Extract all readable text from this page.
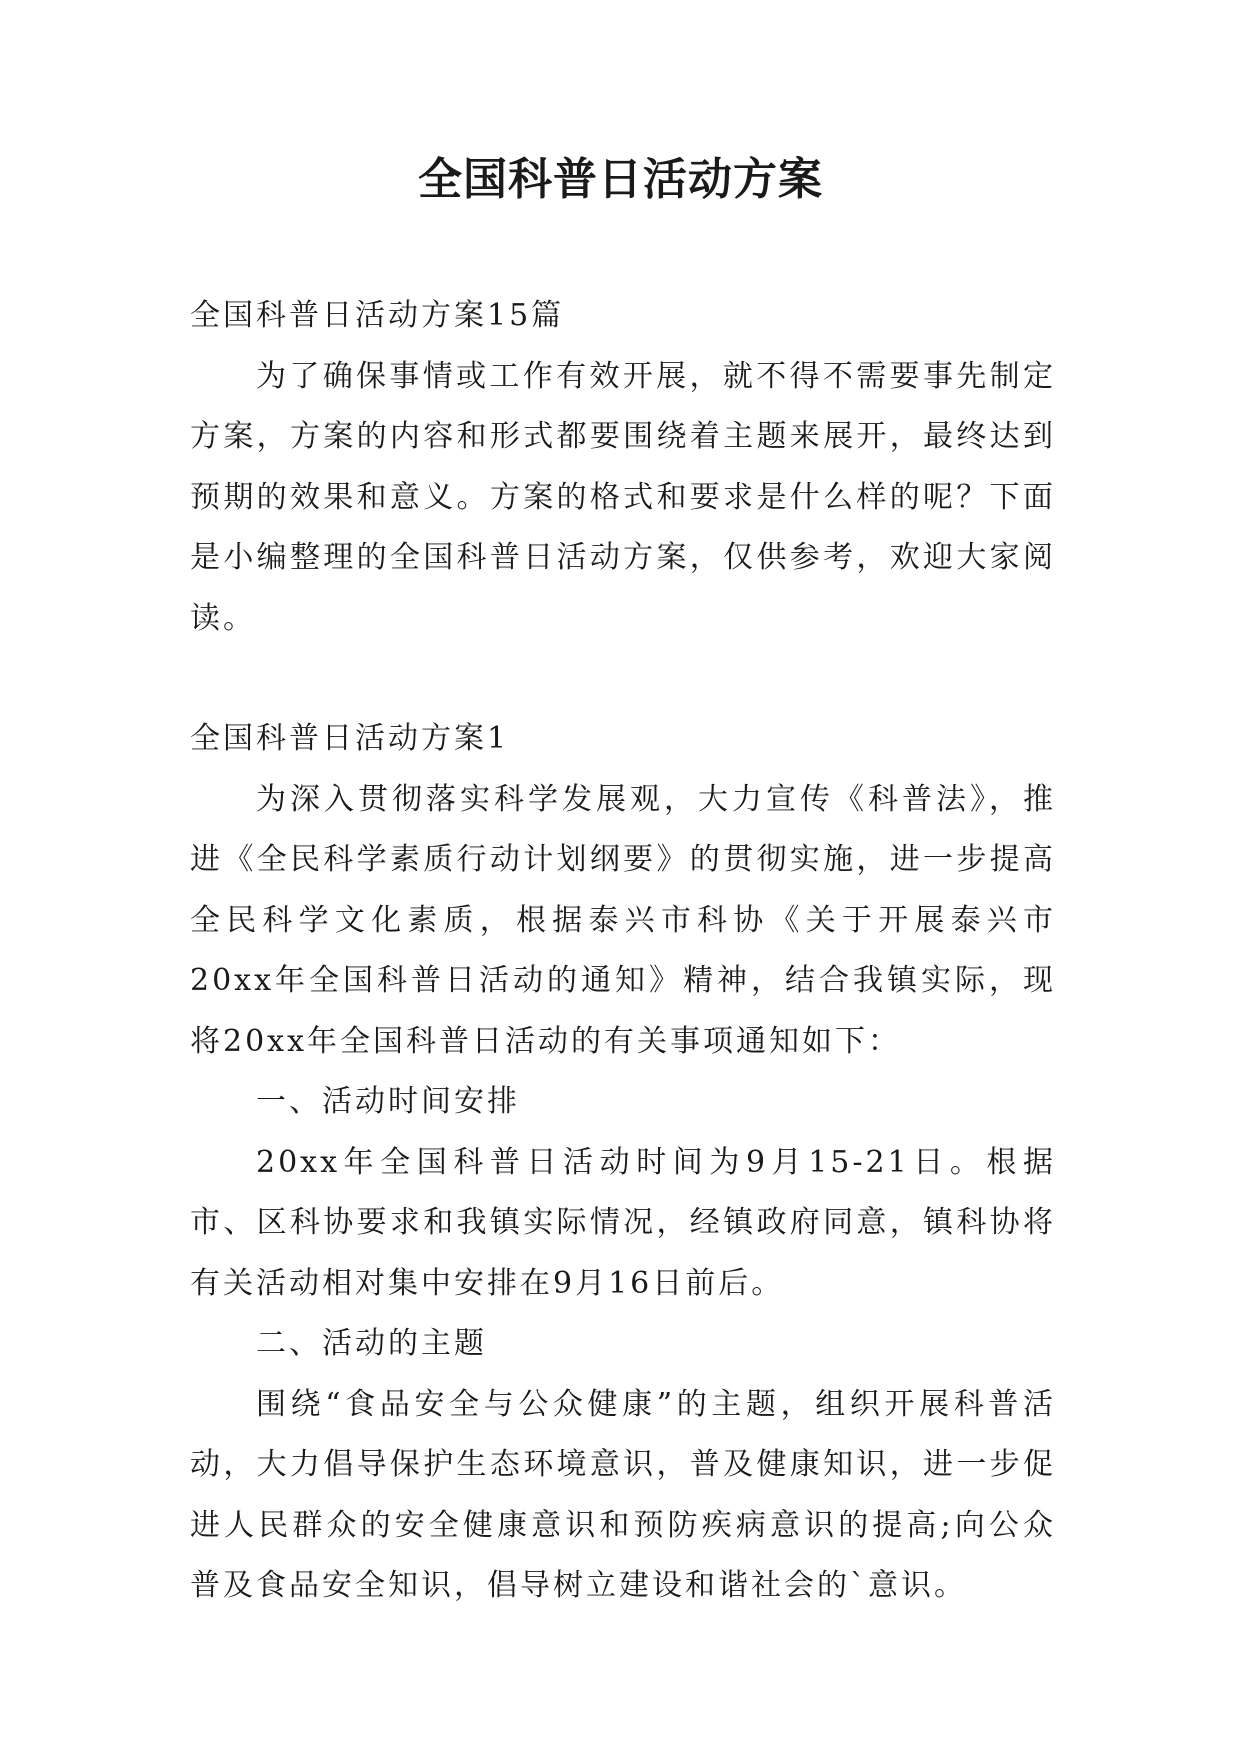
全国科普日活动方案

全国科普日活动方案15篇

为了确保事情或工作有效开展，就不得不需要事先制定方案，方案的内容和形式都要围绕着主题来展开，最终达到预期的效果和意义。方案的格式和要求是什么样的呢？下面是小编整理的全国科普日活动方案，仅供参考，欢迎大家阅读。

全国科普日活动方案1

为深入贯彻落实科学发展观，大力宣传《科普法》，推进《全民科学素质行动计划纲要》的贯彻实施，进一步提高全民科学文化素质，根据泰兴市科协《关于开展泰兴市20xx年全国科普日活动的通知》精神，结合我镇实际，现将20xx年全国科普日活动的有关事项通知如下：

一、活动时间安排

20xx年全国科普日活动时间为9月15-21日。根据市、区科协要求和我镇实际情况，经镇政府同意，镇科协将有关活动相对集中安排在9月16日前后。

二、活动的主题

围绕“食品安全与公众健康”的主题，组织开展科普活动，大力倡导保护生态环境意识，普及健康知识，进一步促进人民群众的安全健康意识和预防疾病意识的提高;向公众普及食品安全知识，倡导树立建设和谐社会的`意识。
